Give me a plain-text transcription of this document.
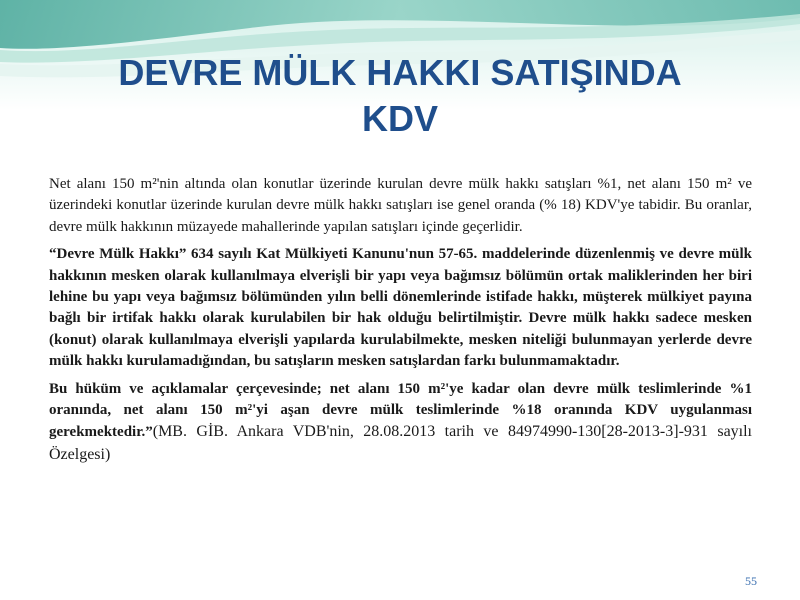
DEVRE MÜLK HAKKI SATIŞINDA
KDV

Net alanı 150 m²'nin altında olan konutlar üzerinde kurulan devre mülk hakkı satışları %1, net alanı 150 m² ve üzerindeki konutlar üzerinde kurulan devre mülk hakkı satışları ise genel oranda (% 18) KDV'ye tabidir. Bu oranlar, devre mülk hakkının müzayede mahallerinde yapılan satışları içinde geçerlidir.

“Devre Mülk Hakkı” 634 sayılı Kat Mülkiyeti Kanunu'nun 57-65. maddelerinde düzenlenmiş ve devre mülk hakkının mesken olarak kullanılmaya elverişli bir yapı veya bağımsız bölümün ortak maliklerinden her biri lehine bu yapı veya bağımsız bölümünden yılın belli dönemlerinde istifade hakkı, müşterek mülkiyet payına bağlı bir irtifak hakkı olarak kurulabilen bir hak olduğu belirtilmiştir. Devre mülk hakkı sadece mesken (konut) olarak kullanılmaya elverişli yapılarda kurulabilmekte, mesken niteliği bulunmayan yerlerde devre mülk hakkı kurulamadığından, bu satışların mesken satışlardan farkı bulunmamaktadır.

Bu hüküm ve açıklamalar çerçevesinde; net alanı 150 m²'ye kadar olan devre mülk teslimlerinde %1 oranında, net alanı 150 m²'yi aşan devre mülk teslimlerinde %18 oranında KDV uygulanması gerekmektedir.”(MB. GİB. Ankara VDB'nin, 28.08.2013 tarih ve 84974990-130[28-2013-3]-931 sayılı Özelgesi)

55
